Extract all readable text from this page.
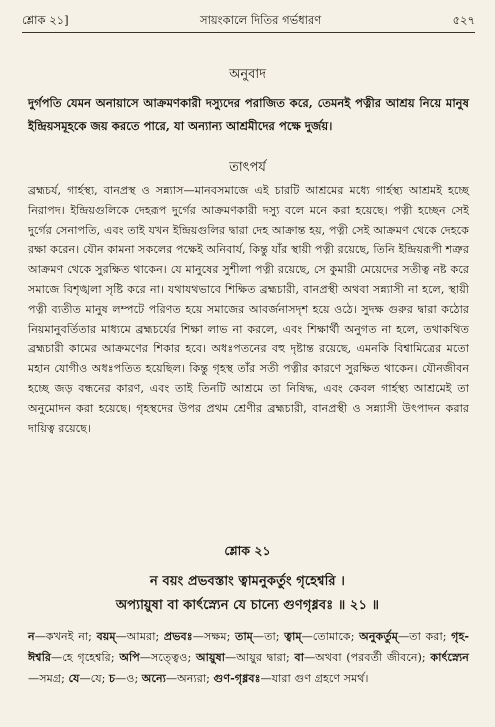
শ্লোক ২১]	সায়ংকালে দিতির গর্ভধারণ	৫২৭
অনুবাদ

দুর্গপতি যেমন অনায়াসে আক্রমণকারী দস্যুদের পরাজিত করে, তেমনই পত্নীর আশ্রয় নিয়ে মানুষ ইন্দ্রিয়সমূহকে জয় করতে পারে, যা অন্যান্য আশ্রমীদের পক্ষে দুর্জয়।

তাৎপর্য

ব্রহ্মচর্য, গার্হস্থ্য, বানপ্রস্থ ও সন্ন্যাস—মানবসমাজে এই চারটি আশ্রমের মধ্যে গার্হস্থ্য আশ্রমই হচ্ছে নিরাপদ। ইন্দ্রিয়গুলিকে দেহরূপ দুর্গের আক্রমণকারী দস্যু বলে মনে করা হয়েছে। পত্নী হচ্ছেন সেই দুর্গের সেনাপতি, এবং তাই যখন ইন্দ্রিয়গুলির দ্বারা দেহ আক্রান্ত হয়, পত্নী সেই আক্রমণ থেকে দেহকে রক্ষা করেন। যৌন কামনা সকলের পক্ষেই অনিবার্য, কিন্তু যাঁর স্থায়ী পত্নী রয়েছে, তিনি ইন্দ্রিয়রূপী শত্রুর আক্রমণ থেকে সুরক্ষিত থাকেন। যে মানুষের সুশীলা পত্নী রয়েছে, সে কুমারী মেয়েদের সতীত্ব নষ্ট করে সমাজে বিশৃঙ্খলা সৃষ্টি করে না। যথাযথভাবে শিক্ষিত ব্রহ্মচারী, বানপ্রস্থী অথবা সন্ন্যাসী না হলে, স্থায়ী পত্নী ব্যতীত মানুষ লম্পটে পরিণত হয়ে সমাজের আবর্জনাসদৃশ হয়ে ওঠে। সুদক্ষ গুরুর দ্বারা কঠোর নিয়মানুবর্তিতার মাধ্যমে ব্রহ্মচর্যের শিক্ষা লাভ না করলে, এবং শিক্ষার্থী অনুগত না হলে, তথাকথিত ব্রহ্মচারী কামের আক্রমণের শিকার হবে। অধঃপতনের বহু দৃষ্টান্ত রয়েছে, এমনকি বিশ্বামিত্রের মতো মহান যোগীও অধঃপতিত হয়েছিল। কিন্তু গৃহস্থ তাঁর সতী পত্নীর কারণে সুরক্ষিত থাকেন। যৌনজীবন হচ্ছে জড় বন্ধনের কারণ, এবং তাই তিনটি আশ্রমে তা নিষিদ্ধ, এবং কেবল গার্হস্থ্য আশ্রমেই তা অনুমোদন করা হয়েছে। গৃহস্থদের উপর প্রথম শ্রেণীর ব্রহ্মচারী, বানপ্রস্থী ও সন্ন্যাসী উৎপাদন করার দায়িত্ব রয়েছে।

শ্লোক ২১
ন বয়ং প্রভবস্তাং ত্বামনুকর্তুং গৃহেশ্বরি ।
অপ্যায়ুষা বা কার্ৎস্ন্যেন যে চান্যে গুণগৃধ্নবঃ ॥ ২১ ॥

ন—কখনই না; বয়ম্—আমরা; প্রভবঃ—সক্ষম; তাম্—তা; ত্বাম্—তোমাকে; অনুকর্তুম্—তা করা; গৃহ-ঈশ্বরি—হে গৃহেশ্বরি; অপি—সত্ত্বেও; আয়ুষা—আয়ুর দ্বারা; বা—অথবা (পরবর্তী জীবনে); কার্ৎস্ন্যেন—সমগ্র; যে—যে; চ—ও; অন্যে—অন্যরা; গুণ-গৃধ্নবঃ—যারা গুণ গ্রহণে সমর্থ।
